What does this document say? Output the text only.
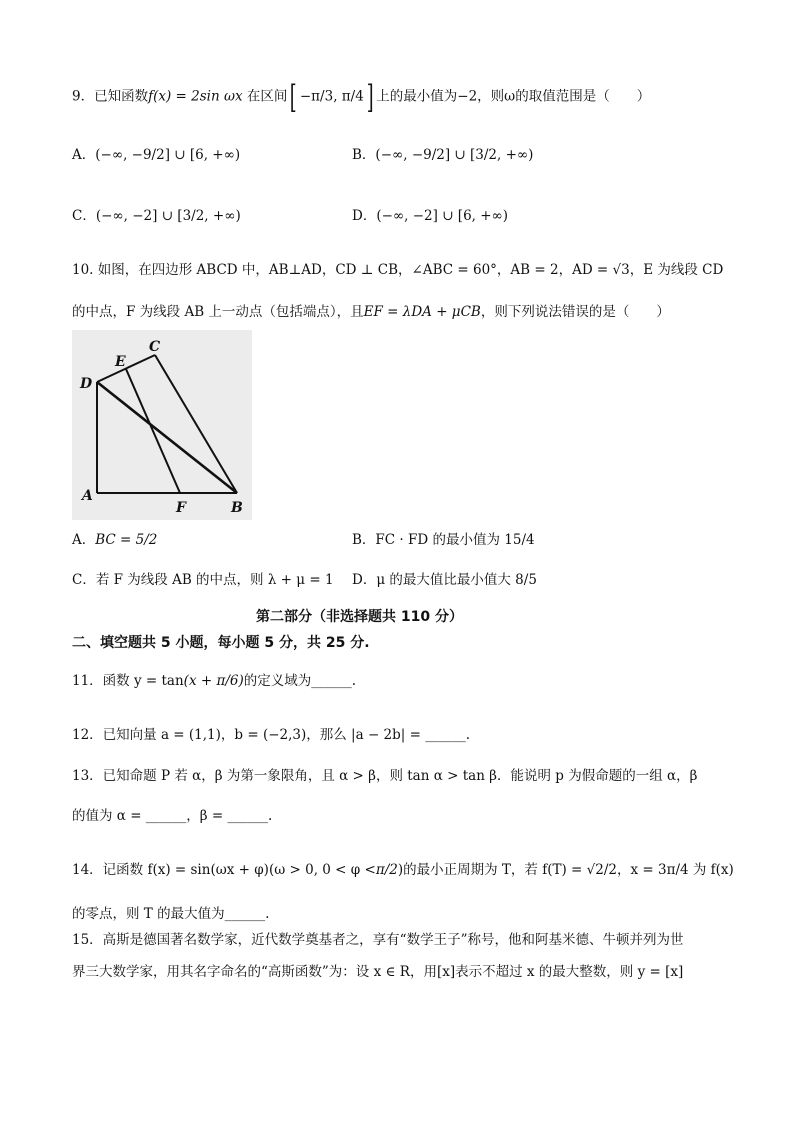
9．已知函数f(x) = 2sin ωx 在区间[ −π/3, π/4] 上的最小值为−2，则ω的取值范围是（　　）
A．(−∞, −9/2] ∪ [6, +∞)	B．(−∞, −9/2] ∪ [3/2, +∞)
C．(−∞, −2] ∪ [3/2, +∞)	D．(−∞, −2] ∪ [6, +∞)
10. 如图，在四边形 ABCD 中，AB⊥AD，CD ⊥ CB，∠ABC = 60°，AB = 2，AD = √3，E 为线段 CD
的中点，F 为线段 AB 上一动点（包括端点），且EF = λDA + μCB，则下列说法错误的是（　　）
D
E
C
A
F	B
A．BC = 5/2	B．FC · FD 的最小值为 15/4
C．若 F 为线段 AB 的中点，则 λ + μ = 1 D．μ 的最大值比最小值大 8/5
第二部分（非选择题共 110 分）
二、填空题共 5 小题，每小题 5 分，共 25 分.
11．函数 y = tan(x + π/6)的定义域为______.
12．已知向量 a = (1,1)，b = (−2,3)，那么 |a − 2b| = ______.
13．已知命题 P 若 α，β 为第一象限角，且 α > β，则 tan α > tan β．能说明 p 为假命题的一组 α，β
的值为 α = ______，β = ______.
14．记函数 f(x) = sin(ωx + φ)(ω > 0, 0 < φ <π/2)的最小正周期为 T，若 f(T) = √2/2，x = 3π/4 为 f(x)
的零点，则 T 的最大值为______.
15．高斯是德国著名数学家，近代数学奠基者之，享有“数学王子”称号，他和阿基米德、牛顿并列为世
界三大数学家，用其名字命名的“高斯函数”为：设 x ∈ R，用[x]表示不超过 x 的最大整数，则 y = [x]
